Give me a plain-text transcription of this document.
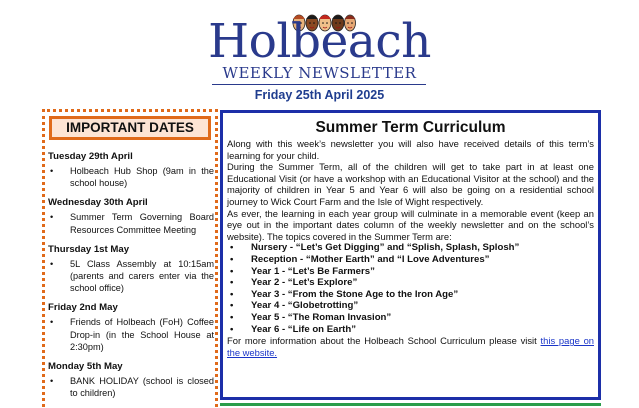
Holbeach
WEEKLY NEWSLETTER
Friday 25th April 2025
IMPORTANT DATES
Tuesday 29th April
•	Holbeach Hub Shop (9am in the school house)
Wednesday 30th April
•	Summer Term Governing Board Resources Committee Meeting
Thursday 1st May
•	5L Class Assembly at 10:15am (parents and carers enter via the school office)
Friday 2nd May
•	Friends of Holbeach (FoH) Coffee Drop-in (in the School House at 2:30pm)
Monday 5th May
•	BANK HOLIDAY (school is closed to children)
Summer Term Curriculum

Along with this week’s newsletter you will also have received details of this term’s learning for your child.

During the Summer Term, all of the children will get to take part in at least one Educational Visit (or have a workshop with an Educational Visitor at the school) and the majority of children in Year 5 and Year 6 will also be going on a residential school journey to Wick Court Farm and the Isle of Wight respectively.

As ever, the learning in each year group will culminate in a memorable event (keep an eye out in the important dates column of the weekly newsletter and on the school’s website). The topics covered in the Summer Term are:

•	Nursery - “Let’s Get Digging” and “Splish, Splash, Splosh”
•	Reception - “Mother Earth” and “I Love Adventures”
•	Year 1 - “Let’s Be Farmers”
•	Year 2 - “Let’s Explore”
•	Year 3 - “From the Stone Age to the Iron Age”
•	Year 4 - “Globetrotting”
•	Year 5 - “The Roman Invasion”
•	Year 6 - “Life on Earth”

For more information about the Holbeach School Curriculum please visit this page on the website.
